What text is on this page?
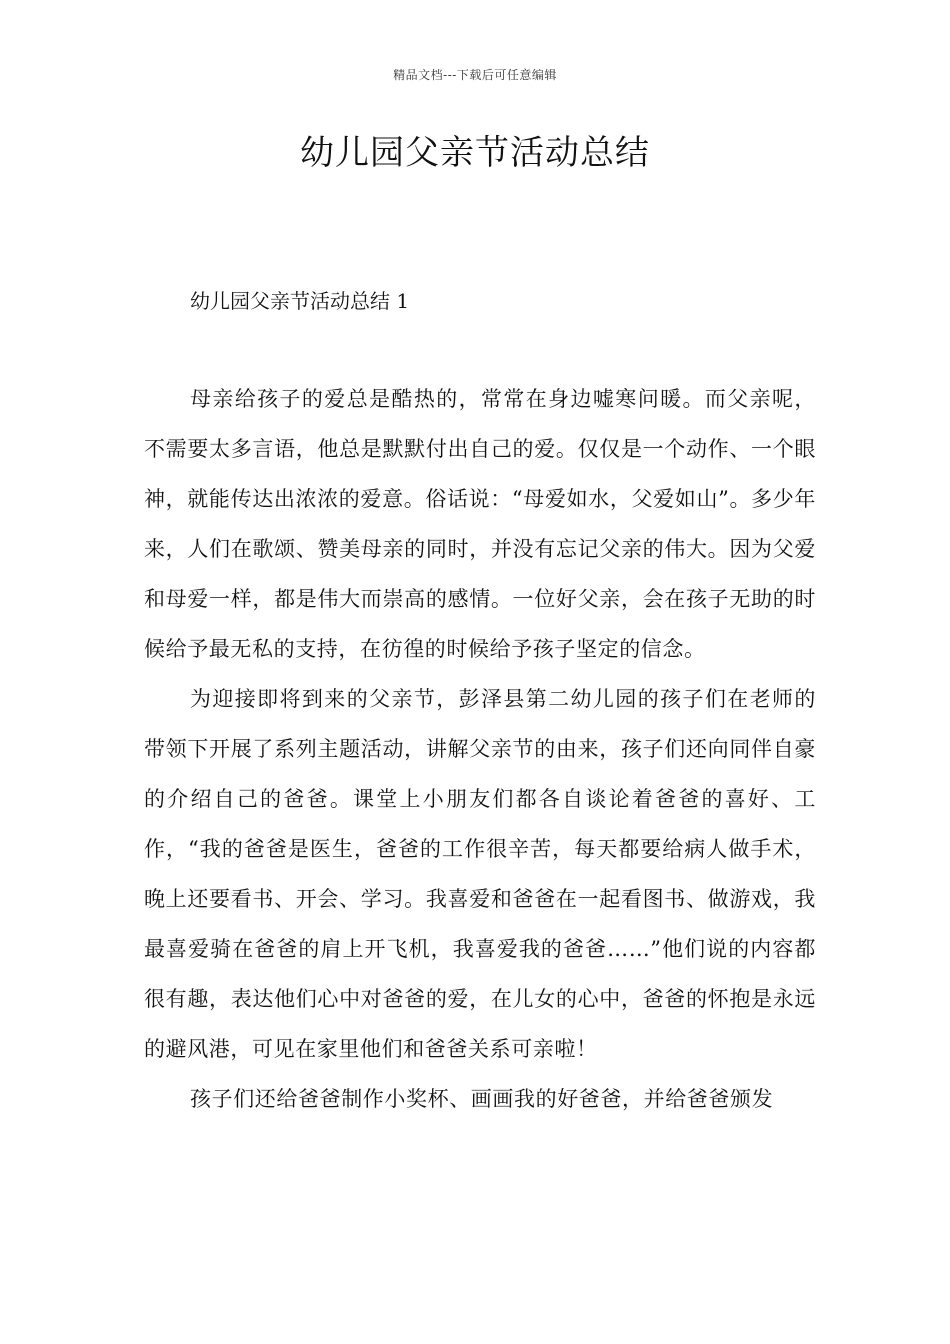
精品文档---下载后可任意编辑
幼儿园父亲节活动总结
幼儿园父亲节活动总结 1

母亲给孩子的爱总是酷热的，常常在身边嘘寒问暖。而父亲呢，不需要太多言语，他总是默默付出自己的爱。仅仅是一个动作、一个眼神，就能传达出浓浓的爱意。俗话说：“母爱如水，父爱如山”。多少年来，人们在歌颂、赞美母亲的同时，并没有忘记父亲的伟大。因为父爱和母爱一样，都是伟大而崇高的感情。一位好父亲，会在孩子无助的时候给予最无私的支持，在彷徨的时候给予孩子坚定的信念。

为迎接即将到来的父亲节，彭泽县第二幼儿园的孩子们在老师的带领下开展了系列主题活动，讲解父亲节的由来，孩子们还向同伴自豪的介绍自己的爸爸。课堂上小朋友们都各自谈论着爸爸的喜好、工作，“我的爸爸是医生，爸爸的工作很辛苦，每天都要给病人做手术，晚上还要看书、开会、学习。我喜爱和爸爸在一起看图书、做游戏，我最喜爱骑在爸爸的肩上开飞机，我喜爱我的爸爸……”他们说的内容都很有趣，表达他们心中对爸爸的爱，在儿女的心中，爸爸的怀抱是永远的避风港，可见在家里他们和爸爸关系可亲啦！

孩子们还给爸爸制作小奖杯、画画我的好爸爸，并给爸爸颁发
